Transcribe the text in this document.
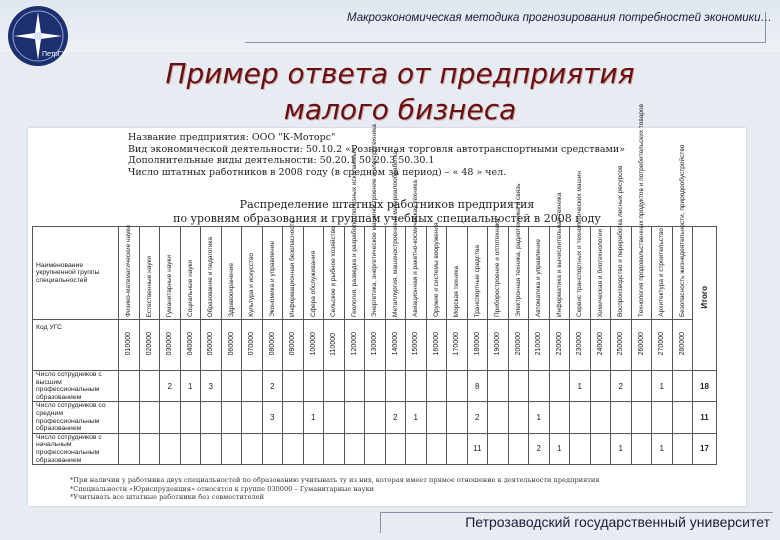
ПетрГУ
Макроэкономическая методика прогнозирования потребностей экономики…
Пример ответа от предприятия
малого бизнеса
Название предприятия: ООО "К-Моторс"
Вид экономической деятельности: 50.10.2 «Розничная торговля автотранспортными средствами»
Дополнительные виды деятельности: 50.20.1 50.20.3 50.30.1
Число штатных работников в 2008 году (в среднем за период) – « 48 » чел.
Распределение штатных работников предприятия
по уровням образования и группам учебных специальностей в 2008 году
Наименование укрупненной группы специальностей	Физико-математические науки	Естественные науки	Гуманитарные науки	Социальные науки	Образование и педагогика	Здравоохранение	Культура и искусство	Экономика и управление	Информационная безопасность	Сфера обслуживания	Сельское и рыбное хозяйство	Геология, разведка и разработка полезных ископаемых	Энергетика, энергетическое машиностроение и электротехника	Металлургия, машиностроение и материалообработка	Авиационная и ракетно-космическая техника	Оружие и системы вооружения	Морская техника	Транспортные средства	Приборостроение и оптотехника	Электронная техника, радиотехника и связь	Автоматика и управление	Информатика и вычислительная техника	Сервис транспортных и технологических машин	Химическая и биотехнологии	Воспроизводство и переработка лесных ресурсов	Технология продовольственных продуктов и потребительских товаров	Архитектура и строительство	Безопасность жизнедеятельности, природообустройство	Итого
Код УГС	010000	020000	030000	040000	050000	060000	070000	080000	090000	100000	110000	120000	130000	140000	150000	160000	170000	180000	190000	200000	210000	220000	230000	240000	250000	260000	270000	280000	
Число сотрудников с высшим профессиональным образованием			2	1	3			2										8					1		2		1		18
Число сотрудников со средним профессиональным образованием								3		1				2	1			2			1								11
Число сотрудников с начальным профессиональным образованием																		11			2	1			1		1		17
*При наличии у работника двух специальностей по образованию учитывать ту из них, которая имеет прямое отношение к деятельности предприятия
*Специальности «Юриспруденция» относятся к группе 030000 – Гуманитарные науки
*Учитывать все штатные работники без совместителей
Петрозаводский государственный университет
